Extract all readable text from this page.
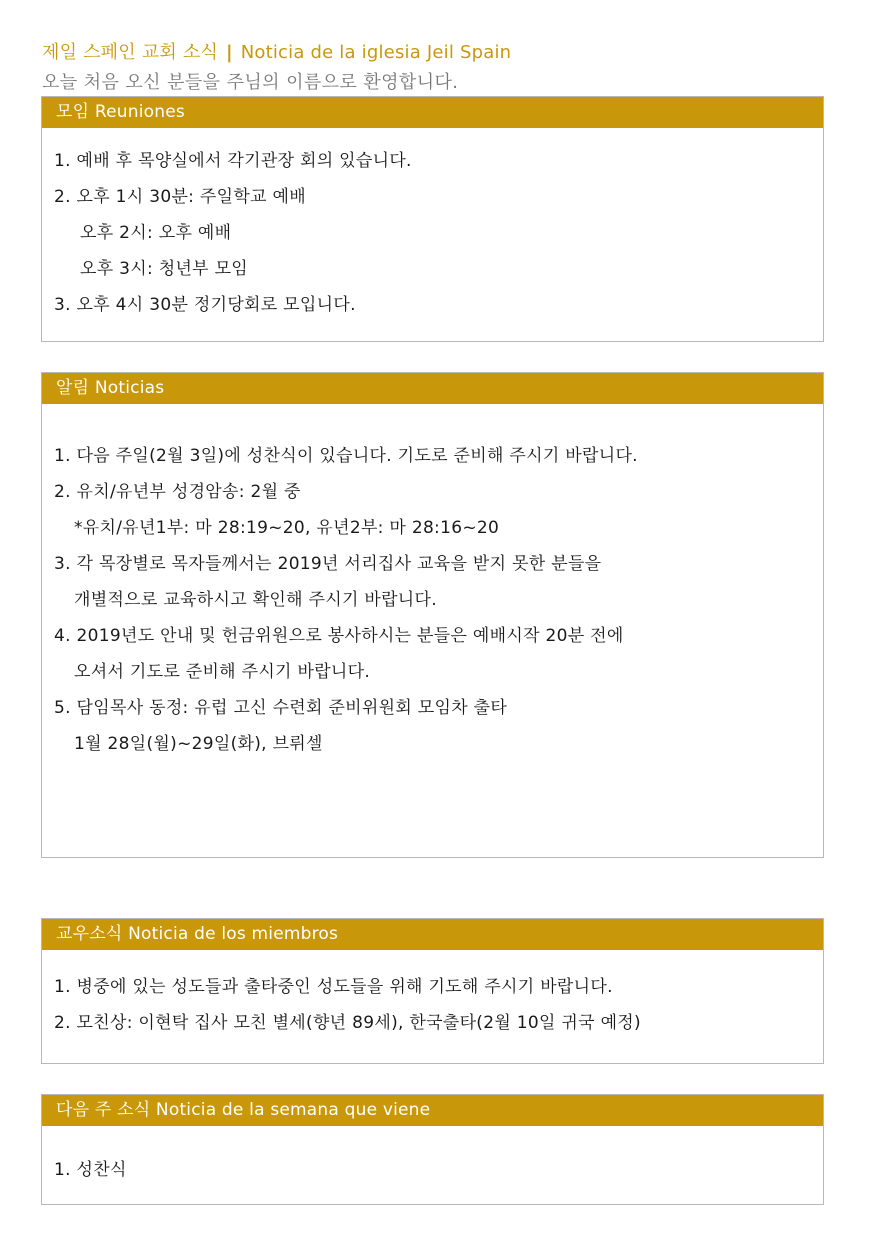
제일 스페인 교회 소식 | Noticia de la iglesia Jeil Spain
오늘 처음 오신 분들을 주님의 이름으로 환영합니다.
모임 Reuniones
1. 예배 후 목양실에서 각기관장 회의 있습니다.
2. 오후 1시 30분: 주일학교 예배
오후 2시: 오후 예배
오후 3시: 청년부 모임
3. 오후 4시 30분 정기당회로 모입니다.
알림 Noticias
1. 다음 주일(2월 3일)에 성찬식이 있습니다. 기도로 준비해 주시기 바랍니다.
2. 유치/유년부 성경암송: 2월 중
*유치/유년1부: 마 28:19~20, 유년2부: 마 28:16~20
3. 각 목장별로 목자들께서는 2019년 서리집사 교육을 받지 못한 분들을
개별적으로 교육하시고 확인해 주시기 바랍니다.
4. 2019년도 안내 및 헌금위원으로 봉사하시는 분들은 예배시작 20분 전에
오셔서 기도로 준비해 주시기 바랍니다.
5. 담임목사 동정: 유럽 고신 수련회 준비위원회 모임차 출타
1월 28일(월)~29일(화), 브뤼셀
교우소식 Noticia de los miembros
1. 병중에 있는 성도들과 출타중인 성도들을 위해 기도해 주시기 바랍니다.
2. 모친상: 이현탁 집사 모친 별세(향년 89세), 한국출타(2월 10일 귀국 예정)
다음 주 소식 Noticia de la semana que viene
1. 성찬식
